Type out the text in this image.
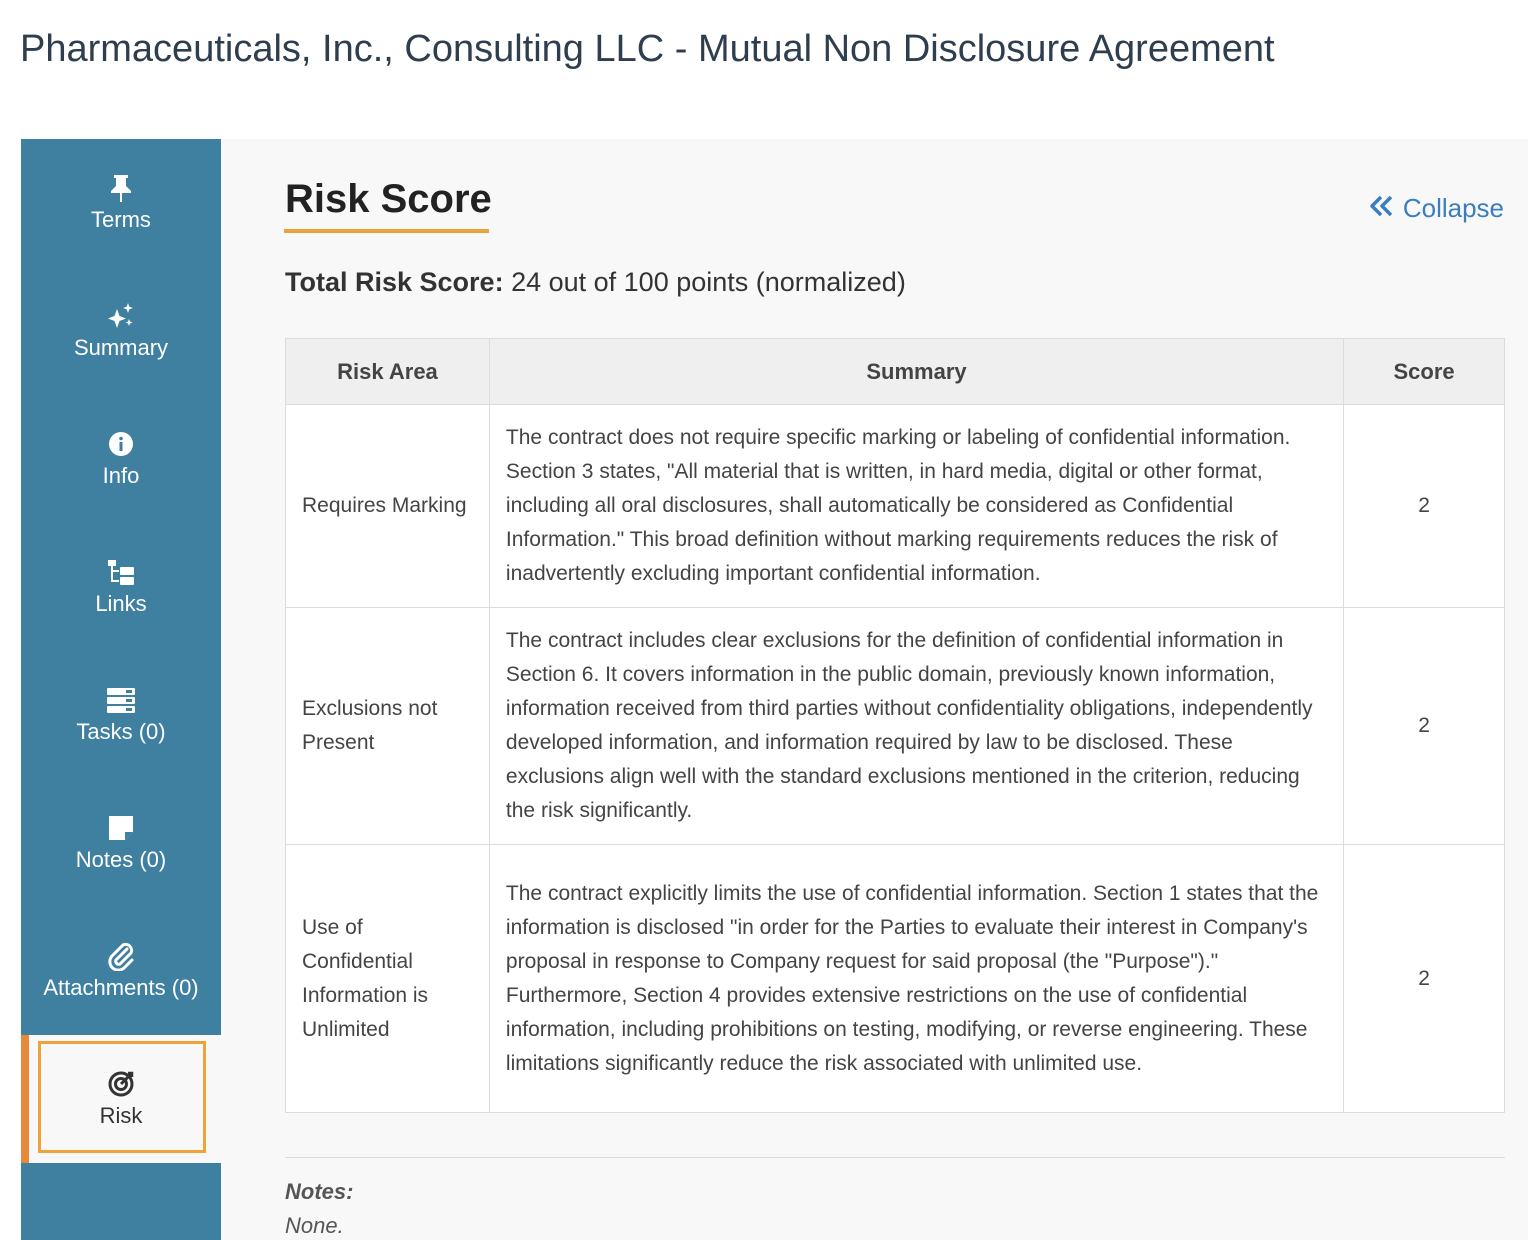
Pharmaceuticals, Inc., Consulting LLC - Mutual Non Disclosure Agreement
Terms
Summary
Info
Links
Tasks (0)
Notes (0)
Attachments (0)
Risk
Risk Score	Collapse
Total Risk Score: 24 out of 100 points (normalized)
Risk Area	Summary	Score
Requires Marking	The contract does not require specific marking or labeling of confidential information. Section 3 states, "All material that is written, in hard media, digital or other format, including all oral disclosures, shall automatically be considered as Confidential Information." This broad definition without marking requirements reduces the risk of inadvertently excluding important confidential information.	2
Exclusions not Present	The contract includes clear exclusions for the definition of confidential information in Section 6. It covers information in the public domain, previously known information, information received from third parties without confidentiality obligations, independently developed information, and information required by law to be disclosed. These exclusions align well with the standard exclusions mentioned in the criterion, reducing the risk significantly.	2
Use of Confidential Information is Unlimited	The contract explicitly limits the use of confidential information. Section 1 states that the information is disclosed "in order for the Parties to evaluate their interest in Company's proposal in response to Company request for said proposal (the "Purpose")." Furthermore, Section 4 provides extensive restrictions on the use of confidential information, including prohibitions on testing, modifying, or reverse engineering. These limitations significantly reduce the risk associated with unlimited use.	2
Notes:
None.
